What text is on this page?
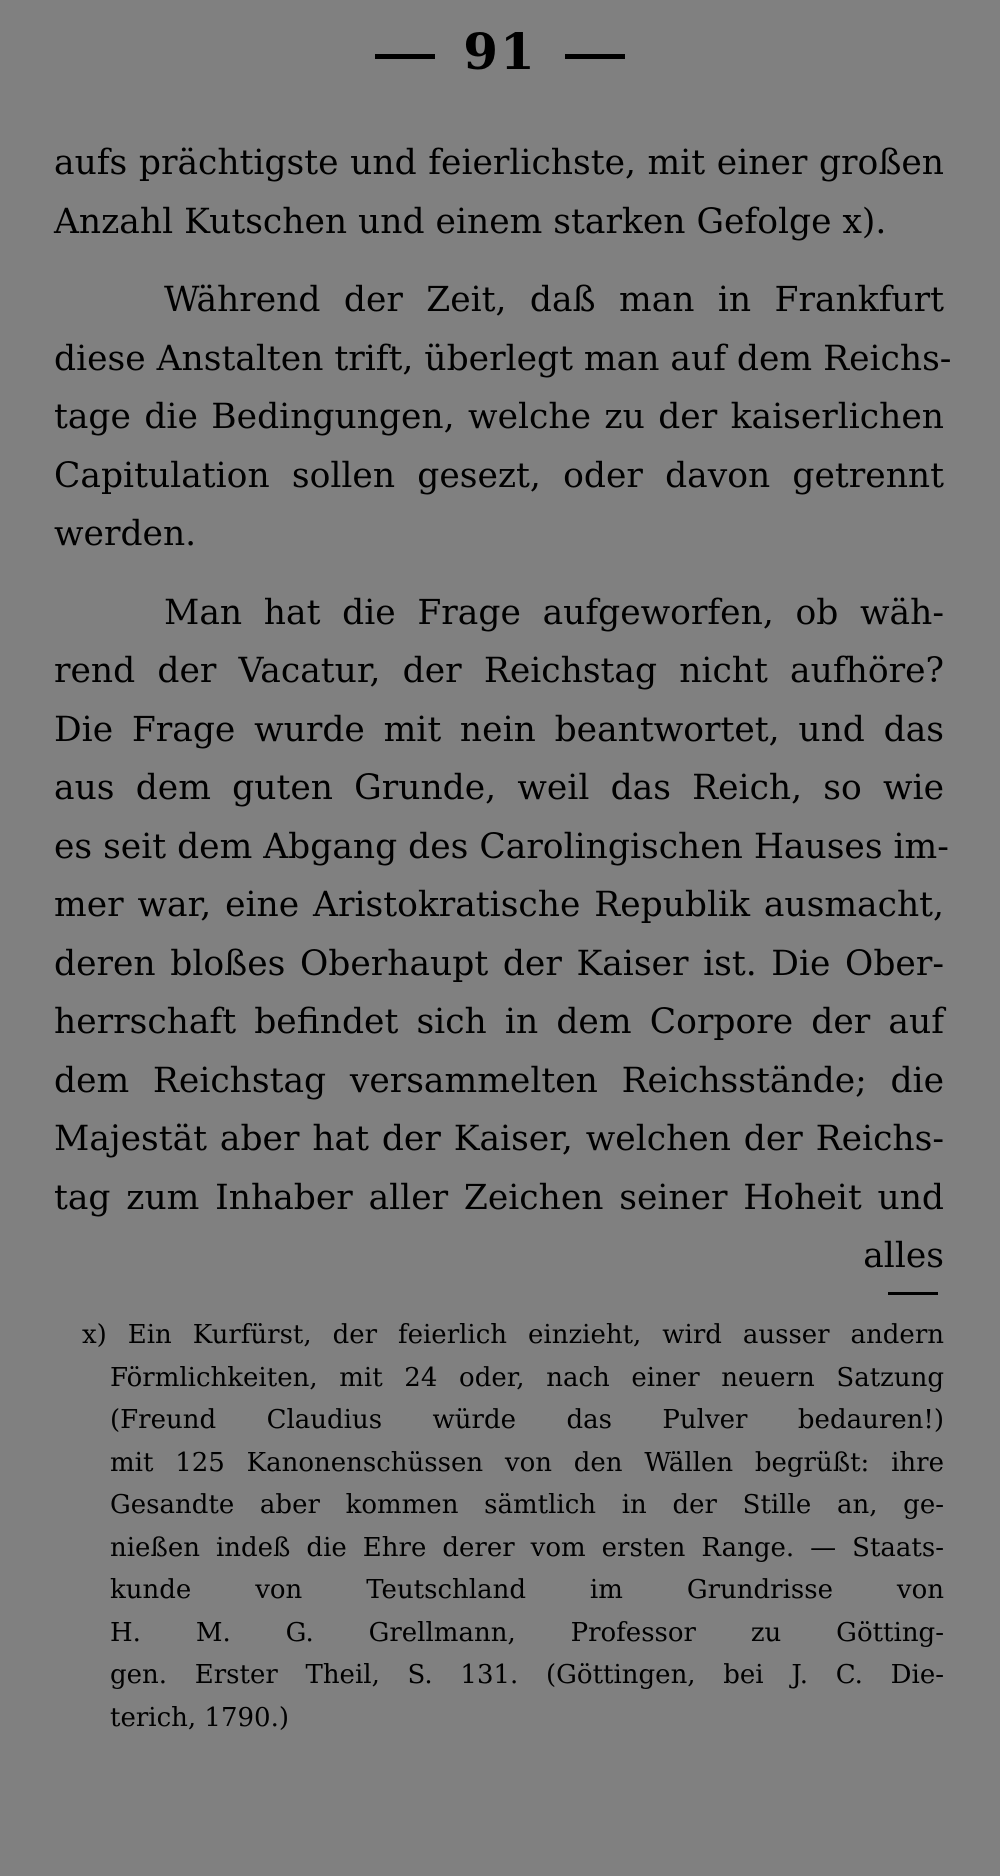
91
aufs prächtigste und feierlichste, mit einer großen
Anzahl Kutschen und einem starken Gefolge x).
Während der Zeit, daß man in Frankfurt
diese Anstalten trift, überlegt man auf dem Reichs-
tage die Bedingungen, welche zu der kaiserlichen
Capitulation sollen gesezt, oder davon getrennt
werden.
Man hat die Frage aufgeworfen, ob wäh-
rend der Vacatur, der Reichstag nicht aufhöre?
Die Frage wurde mit nein beantwortet, und das
aus dem guten Grunde, weil das Reich, so wie
es seit dem Abgang des Carolingischen Hauses im-
mer war, eine Aristokratische Republik ausmacht,
deren bloßes Oberhaupt der Kaiser ist. Die Ober-
herrschaft befindet sich in dem Corpore der auf
dem Reichstag versammelten Reichsstände; die
Majestät aber hat der Kaiser, welchen der Reichs-
tag zum Inhaber aller Zeichen seiner Hoheit und
alles
x) Ein Kurfürst, der feierlich einzieht, wird ausser andern
Förmlichkeiten, mit 24 oder, nach einer neuern Satzung
(Freund Claudius würde das Pulver bedauren!)
mit 125 Kanonenschüssen von den Wällen begrüßt: ihre
Gesandte aber kommen sämtlich in der Stille an, ge-
nießen indeß die Ehre derer vom ersten Range. — Staats-
kunde von Teutschland im Grundrisse von
H. M. G. Grellmann, Professor zu Götting-
gen. Erster Theil, S. 131. (Göttingen, bei J. C. Die-
terich, 1790.)
